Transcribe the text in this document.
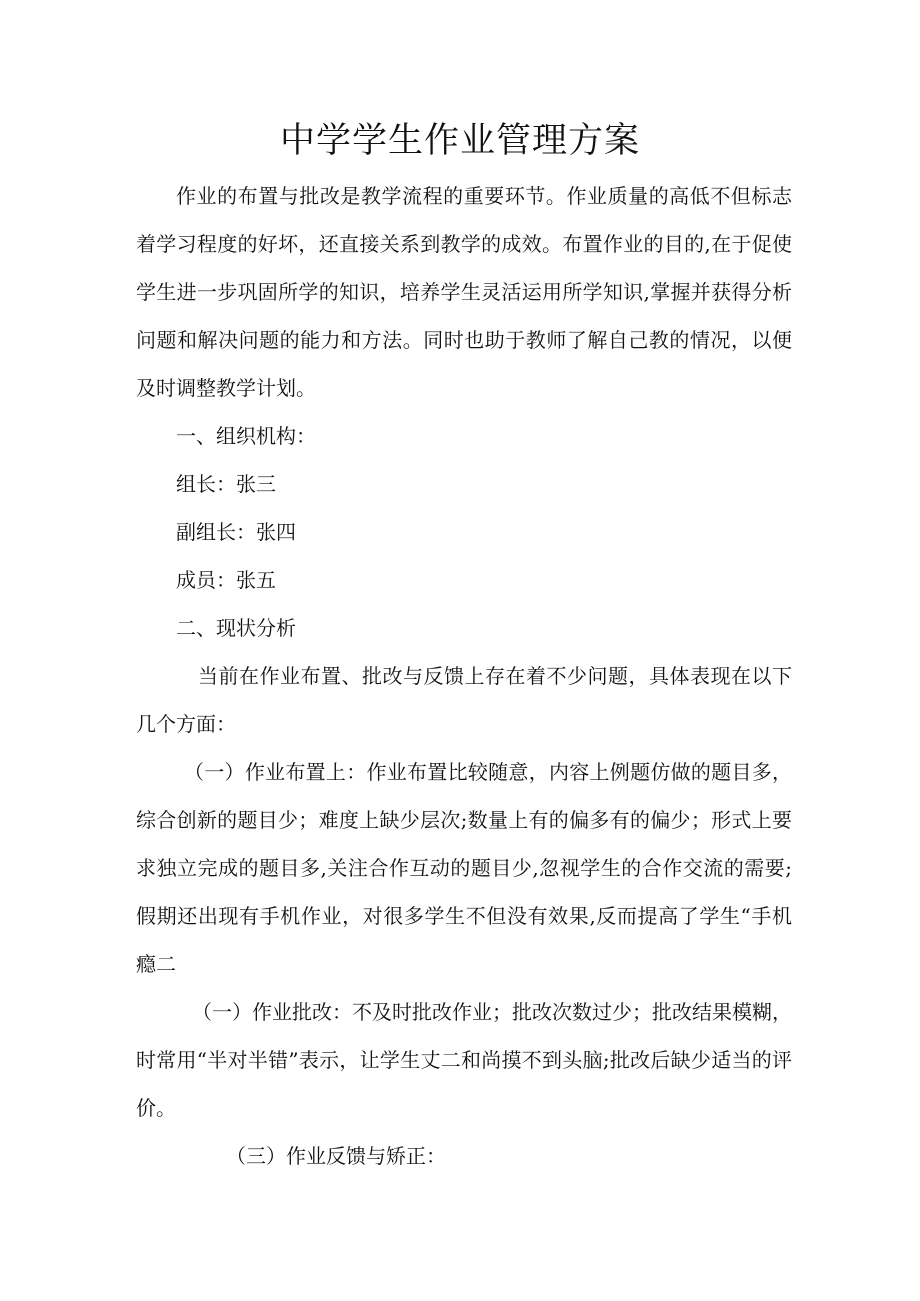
中学学生作业管理方案

作业的布置与批改是教学流程的重要环节。作业质量的高低不但标志着学习程度的好坏，还直接关系到教学的成效。布置作业的目的,在于促使学生进一步巩固所学的知识，培养学生灵活运用所学知识,掌握并获得分析问题和解决问题的能力和方法。同时也助于教师了解自己教的情况，以便及时调整教学计划。

一、组织机构：

组长：张三

副组长：张四

成员：张五

二、现状分析

当前在作业布置、批改与反馈上存在着不少问题，具体表现在以下几个方面：

（一）作业布置上：作业布置比较随意，内容上例题仿做的题目多，综合创新的题目少；难度上缺少层次;数量上有的偏多有的偏少；形式上要求独立完成的题目多,关注合作互动的题目少,忽视学生的合作交流的需要;假期还出现有手机作业，对很多学生不但没有效果,反而提高了学生“手机瘾二

（一）作业批改：不及时批改作业；批改次数过少；批改结果模糊，时常用“半对半错”表示，让学生丈二和尚摸不到头脑;批改后缺少适当的评价。

（三）作业反馈与矫正：
